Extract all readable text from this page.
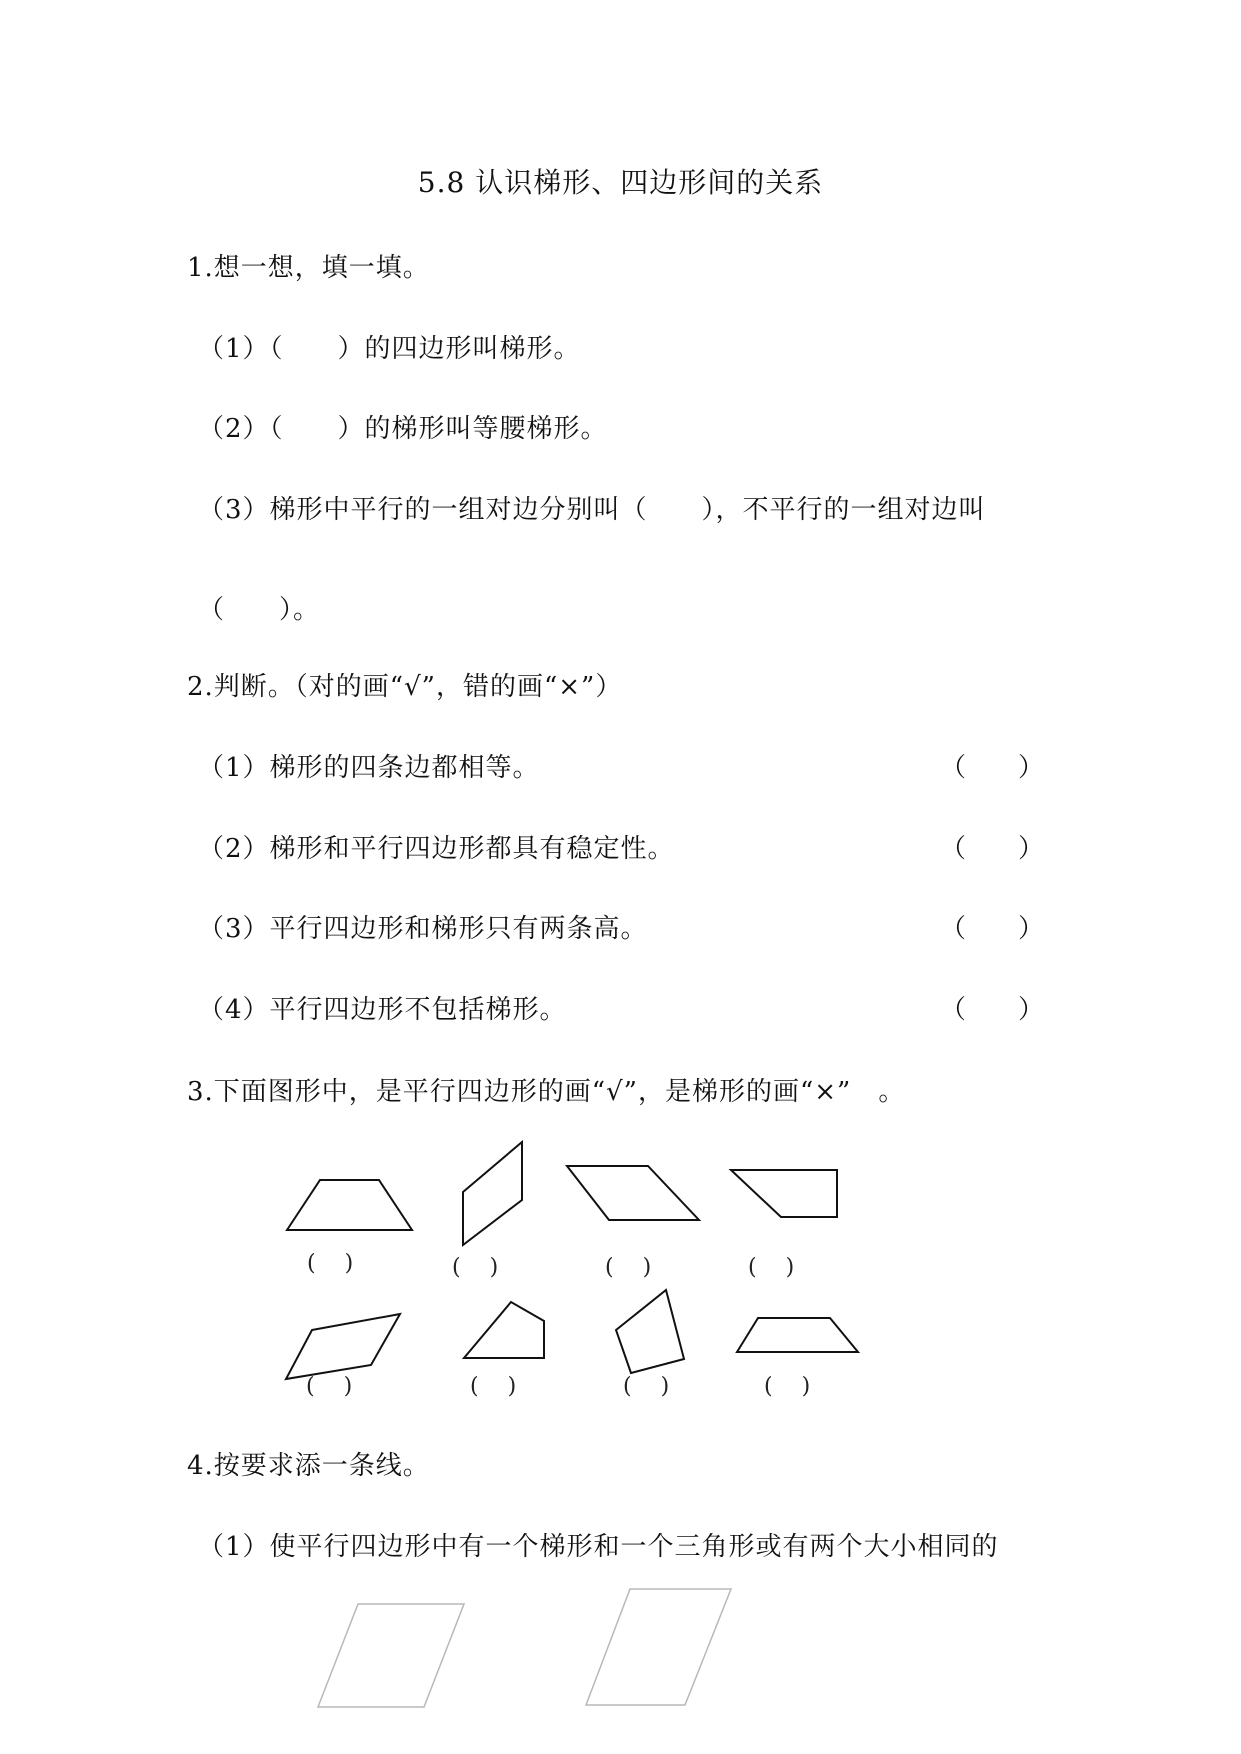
5.8 认识梯形、四边形间的关系
1.想一想，填一填。
（1）（　　）的四边形叫梯形。
（2）（　　）的梯形叫等腰梯形。
（3）梯形中平行的一组对边分别叫（　　），不平行的一组对边叫
（　　）。
2.判断。（对的画“√”，错的画“×”）
（1）梯形的四条边都相等。	（　　）
（2）梯形和平行四边形都具有稳定性。	（　　）
（3）平行四边形和梯形只有两条高。	（　　）
（4）平行四边形不包括梯形。	（　　）
3.下面图形中，是平行四边形的画“√”，是梯形的画“×”　。
(　 )	(　 )	(　 )	(　 )
(　 )	(　 )	(　 )	(　 )
4.按要求添一条线。
（1）使平行四边形中有一个梯形和一个三角形或有两个大小相同的
